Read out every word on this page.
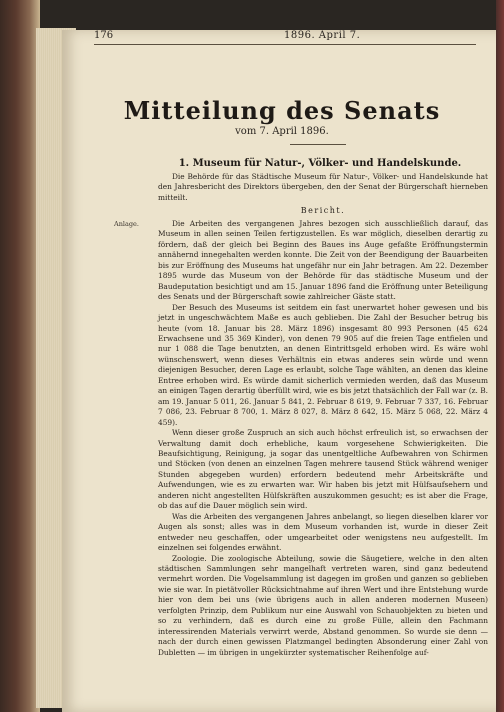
176	1896. April 7.
Mitteilung des Senats
vom 7. April 1896.
1. Museum für Natur-, Völker- und Handelskunde.

Die Behörde für das Städtische Museum für Natur-, Völker- und Handelskunde hat den Jahresbericht des Direktors übergeben, den der Senat der Bürgerschaft hierneben mitteilt.

Bericht.
Anlage.	Die Arbeiten des vergangenen Jahres bezogen sich ausschließlich darauf, das Museum in allen seinen Teilen fertigzustellen. Es war möglich, dieselben derartig zu fördern, daß der gleich bei Beginn des Baues ins Auge gefaßte Eröffnungstermin annähernd innegehalten werden konnte. Die Zeit von der Beendigung der Bauarbeiten bis zur Eröffnung des Museums hat ungefähr nur ein Jahr betragen. Am 22. Dezember 1895 wurde das Museum von der Behörde für das städtische Museum und der Baudeputation besichtigt und am 15. Januar 1896 fand die Eröffnung unter Beteiligung des Senats und der Bürgerschaft sowie zahlreicher Gäste statt.

Der Besuch des Museums ist seitdem ein fast unerwartet hoher gewesen und bis jetzt in ungeschwächtem Maße es auch geblieben. Die Zahl der Besucher betrug bis heute (vom 18. Januar bis 28. März 1896) insgesamt 80 993 Personen (45 624 Erwachsene und 35 369 Kinder), von denen 79 905 auf die freien Tage entfielen und nur 1 088 die Tage benutzten, an denen Eintrittsgeld erhoben wird. Es wäre wohl wünschenswert, wenn dieses Verhältnis ein etwas anderes sein würde und wenn diejenigen Besucher, deren Lage es erlaubt, solche Tage wählten, an denen das kleine Entree erhoben wird. Es würde damit sicherlich vermieden werden, daß das Museum an einigen Tagen derartig überfüllt wird, wie es bis jetzt thatsächlich der Fall war (z. B. am 19. Januar 5 011, 26. Januar 5 841, 2. Februar 8 619, 9. Februar 7 337, 16. Februar 7 086, 23. Februar 8 700, 1. März 8 027, 8. März 8 642, 15. März 5 068, 22. März 4 459).

Wenn dieser große Zuspruch an sich auch höchst erfreulich ist, so erwachsen der Verwaltung damit doch erhebliche, kaum vorgesehene Schwierigkeiten. Die Beaufsichtigung, Reinigung, ja sogar das unentgeltliche Aufbewahren von Schirmen und Stöcken (von denen an einzelnen Tagen mehrere tausend Stück während weniger Stunden abgegeben wurden) erfordern bedeutend mehr Arbeitskräfte und Aufwendungen, wie es zu erwarten war. Wir haben bis jetzt mit Hülfsaufsehern und anderen nicht angestellten Hülfskräften auszukommen gesucht; es ist aber die Frage, ob das auf die Dauer möglich sein wird.

Was die Arbeiten des vergangenen Jahres anbelangt, so liegen dieselben klarer vor Augen als sonst; alles was in dem Museum vorhanden ist, wurde in dieser Zeit entweder neu geschaffen, oder umgearbeitet oder wenigstens neu aufgestellt. Im einzelnen sei folgendes erwähnt.

Zoologie. Die zoologische Abteilung, sowie die Säugetiere, welche in den alten städtischen Sammlungen sehr mangelhaft vertreten waren, sind ganz bedeutend vermehrt worden. Die Vogelsammlung ist dagegen im großen und ganzen so geblieben wie sie war. In pietätvoller Rücksichtnahme auf ihren Wert und ihre Entstehung wurde hier von dem bei uns (wie übrigens auch in allen anderen modernen Museen) verfolgten Prinzip, dem Publikum nur eine Auswahl von Schauobjekten zu bieten und so zu verhindern, daß es durch eine zu große Fülle, allein den Fachmann interessirenden Materials verwirrt werde, Abstand genommen. So wurde sie denn — nach der durch einen gewissen Platzmangel bedingten Absonderung einer Zahl von Dubletten — im übrigen in ungekürzter systematischer Reihenfolge auf-
